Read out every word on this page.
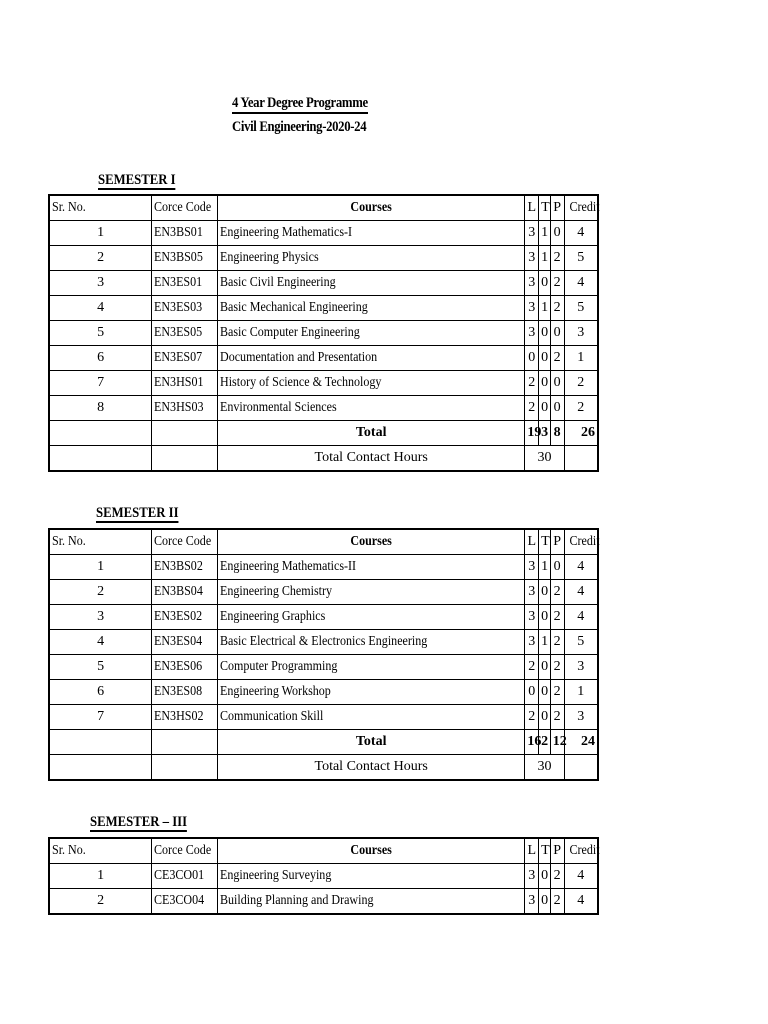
4 Year Degree Programme
Civil Engineering-2020-24
SEMESTER I
Sr. No.	Corce Code	Courses	L	T	P	Credit
1	EN3BS01	Engineering Mathematics-I	3	1	0	4
2	EN3BS05	Engineering Physics	3	1	2	5
3	EN3ES01	Basic Civil Engineering	3	0	2	4
4	EN3ES03	Basic Mechanical Engineering	3	1	2	5
5	EN3ES05	Basic Computer Engineering	3	0	0	3
6	EN3ES07	Documentation and Presentation	0	0	2	1
7	EN3HS01	History of Science & Technology	2	0	0	2
8	EN3HS03	Environmental Sciences	2	0	0	2
		Total	19	3	8	26
		Total Contact Hours	30			
SEMESTER II
Sr. No.	Corce Code	Courses	L	T	P	Credit
1	EN3BS02	Engineering Mathematics-II	3	1	0	4
2	EN3BS04	Engineering Chemistry	3	0	2	4
3	EN3ES02	Engineering Graphics	3	0	2	4
4	EN3ES04	Basic Electrical & Electronics Engineering	3	1	2	5
5	EN3ES06	Computer Programming	2	0	2	3
6	EN3ES08	Engineering Workshop	0	0	2	1
7	EN3HS02	Communication Skill	2	0	2	3
		Total	16	2	12	24
		Total Contact Hours	30			
SEMESTER – III
Sr. No.	Corce Code	Courses	L	T	P	Credit
1	CE3CO01	Engineering Surveying	3	0	2	4
2	CE3CO04	Building Planning and Drawing	3	0	2	4
